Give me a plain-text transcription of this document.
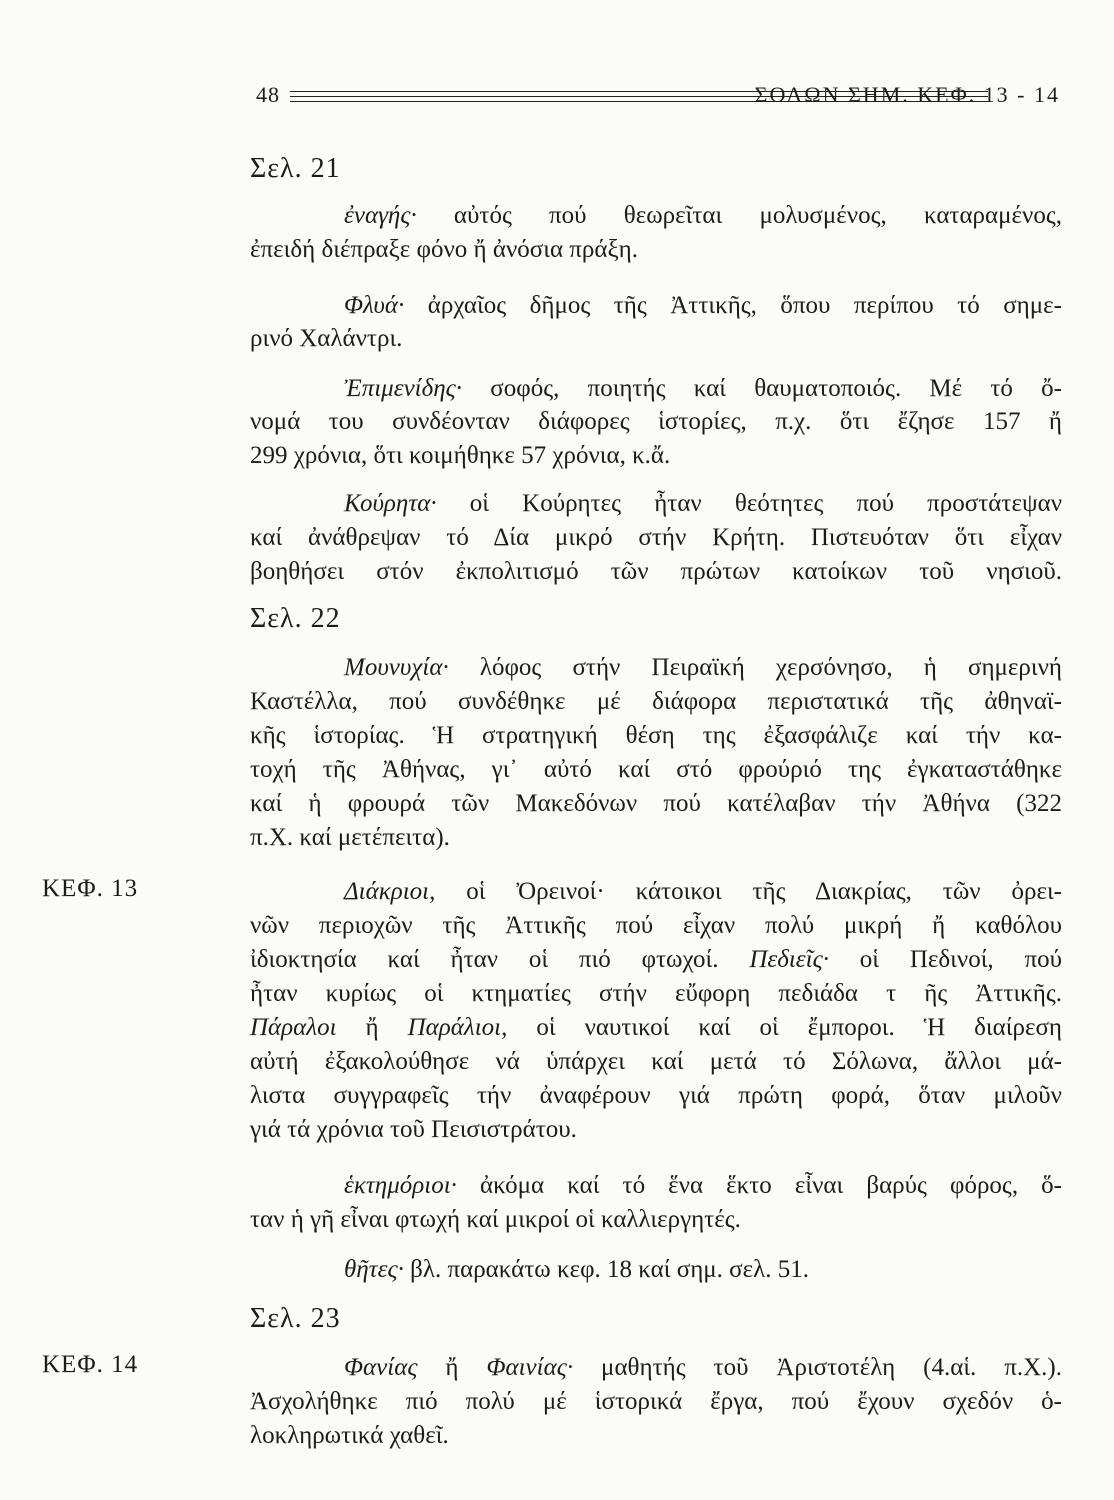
48	ΣΟΛΩΝ ΣΗΜ. ΚΕΦ. 13 - 14
Σελ. 21
ἐναγής· αὐτός πού θεωρεῖται μολυσμένος, καταραμένος,
ἐπειδή διέπραξε φόνο ἤ ἀνόσια πράξη.
Φλυά· ἀρχαῖος δῆμος τῆς Ἀττικῆς, ὅπου περίπου τό σημε-
ρινό Χαλάντρι.
Ἐπιμενίδης· σοφός, ποιητής καί θαυματοποιός. Μέ τό ὄ-
νομά του συνδέονταν διάφορες ἱστορίες, π.χ. ὅτι ἔζησε 157 ἤ
299 χρόνια, ὅτι κοιμήθηκε 57 χρόνια, κ.ἄ.
Κούρητα· οἱ Κούρητες ἦταν θεότητες πού προστάτεψαν
καί ἀνάθρεψαν τό Δία μικρό στήν Κρήτη. Πιστευόταν ὅτι εἶχαν
βοηθήσει στόν ἐκπολιτισμό τῶν πρώτων κατοίκων τοῦ νησιοῦ.
Σελ. 22
Μουνυχία· λόφος στήν Πειραϊκή χερσόνησο, ἡ σημερινή
Καστέλλα, πού συνδέθηκε μέ διάφορα περιστατικά τῆς ἀθηναϊ-
κῆς ἱστορίας. Ἡ στρατηγική θέση της ἐξασφάλιζε καί τήν κα-
τοχή τῆς Ἀθήνας, γι᾿ αὐτό καί στό φρούριό της ἐγκαταστάθηκε
καί ἡ φρουρά τῶν Μακεδόνων πού κατέλαβαν τήν Ἀθήνα (322
π.Χ. καί μετέπειτα).
ΚΕΦ. 13	Διάκριοι, οἱ Ὀρεινοί· κάτοικοι τῆς Διακρίας, τῶν ὀρει-
νῶν περιοχῶν τῆς Ἀττικῆς πού εἶχαν πολύ μικρή ἤ καθόλου
ἰδιοκτησία καί ἦταν οἱ πιό φτωχοί. Πεδιεῖς· οἱ Πεδινοί, πού
ἦταν κυρίως οἱ κτηματίες στήν εὔφορη πεδιάδα τ ῆς Ἀττικῆς.
Πάραλοι ἤ Παράλιοι, οἱ ναυτικοί καί οἱ ἔμποροι. Ἡ διαίρεση
αὐτή ἐξακολούθησε νά ὑπάρχει καί μετά τό Σόλωνα, ἄλλοι μά-
λιστα συγγραφεῖς τήν ἀναφέρουν γιά πρώτη φορά, ὅταν μιλοῦν
γιά τά χρόνια τοῦ Πεισιστράτου.
ἑκτημόριοι· ἀκόμα καί τό ἕνα ἕκτο εἶναι βαρύς φόρος, ὅ-
ταν ἡ γῆ εἶναι φτωχή καί μικροί οἱ καλλιεργητές.
θῆτες· βλ. παρακάτω κεφ. 18 καί σημ. σελ. 51.
Σελ. 23
ΚΕΦ. 14	Φανίας ἤ Φαινίας· μαθητής τοῦ Ἀριστοτέλη (4.αἱ. π.Χ.).
Ἀσχολήθηκε πιό πολύ μέ ἱστορικά ἔργα, πού ἔχουν σχεδόν ὁ-
λοκληρωτικά χαθεῖ.
